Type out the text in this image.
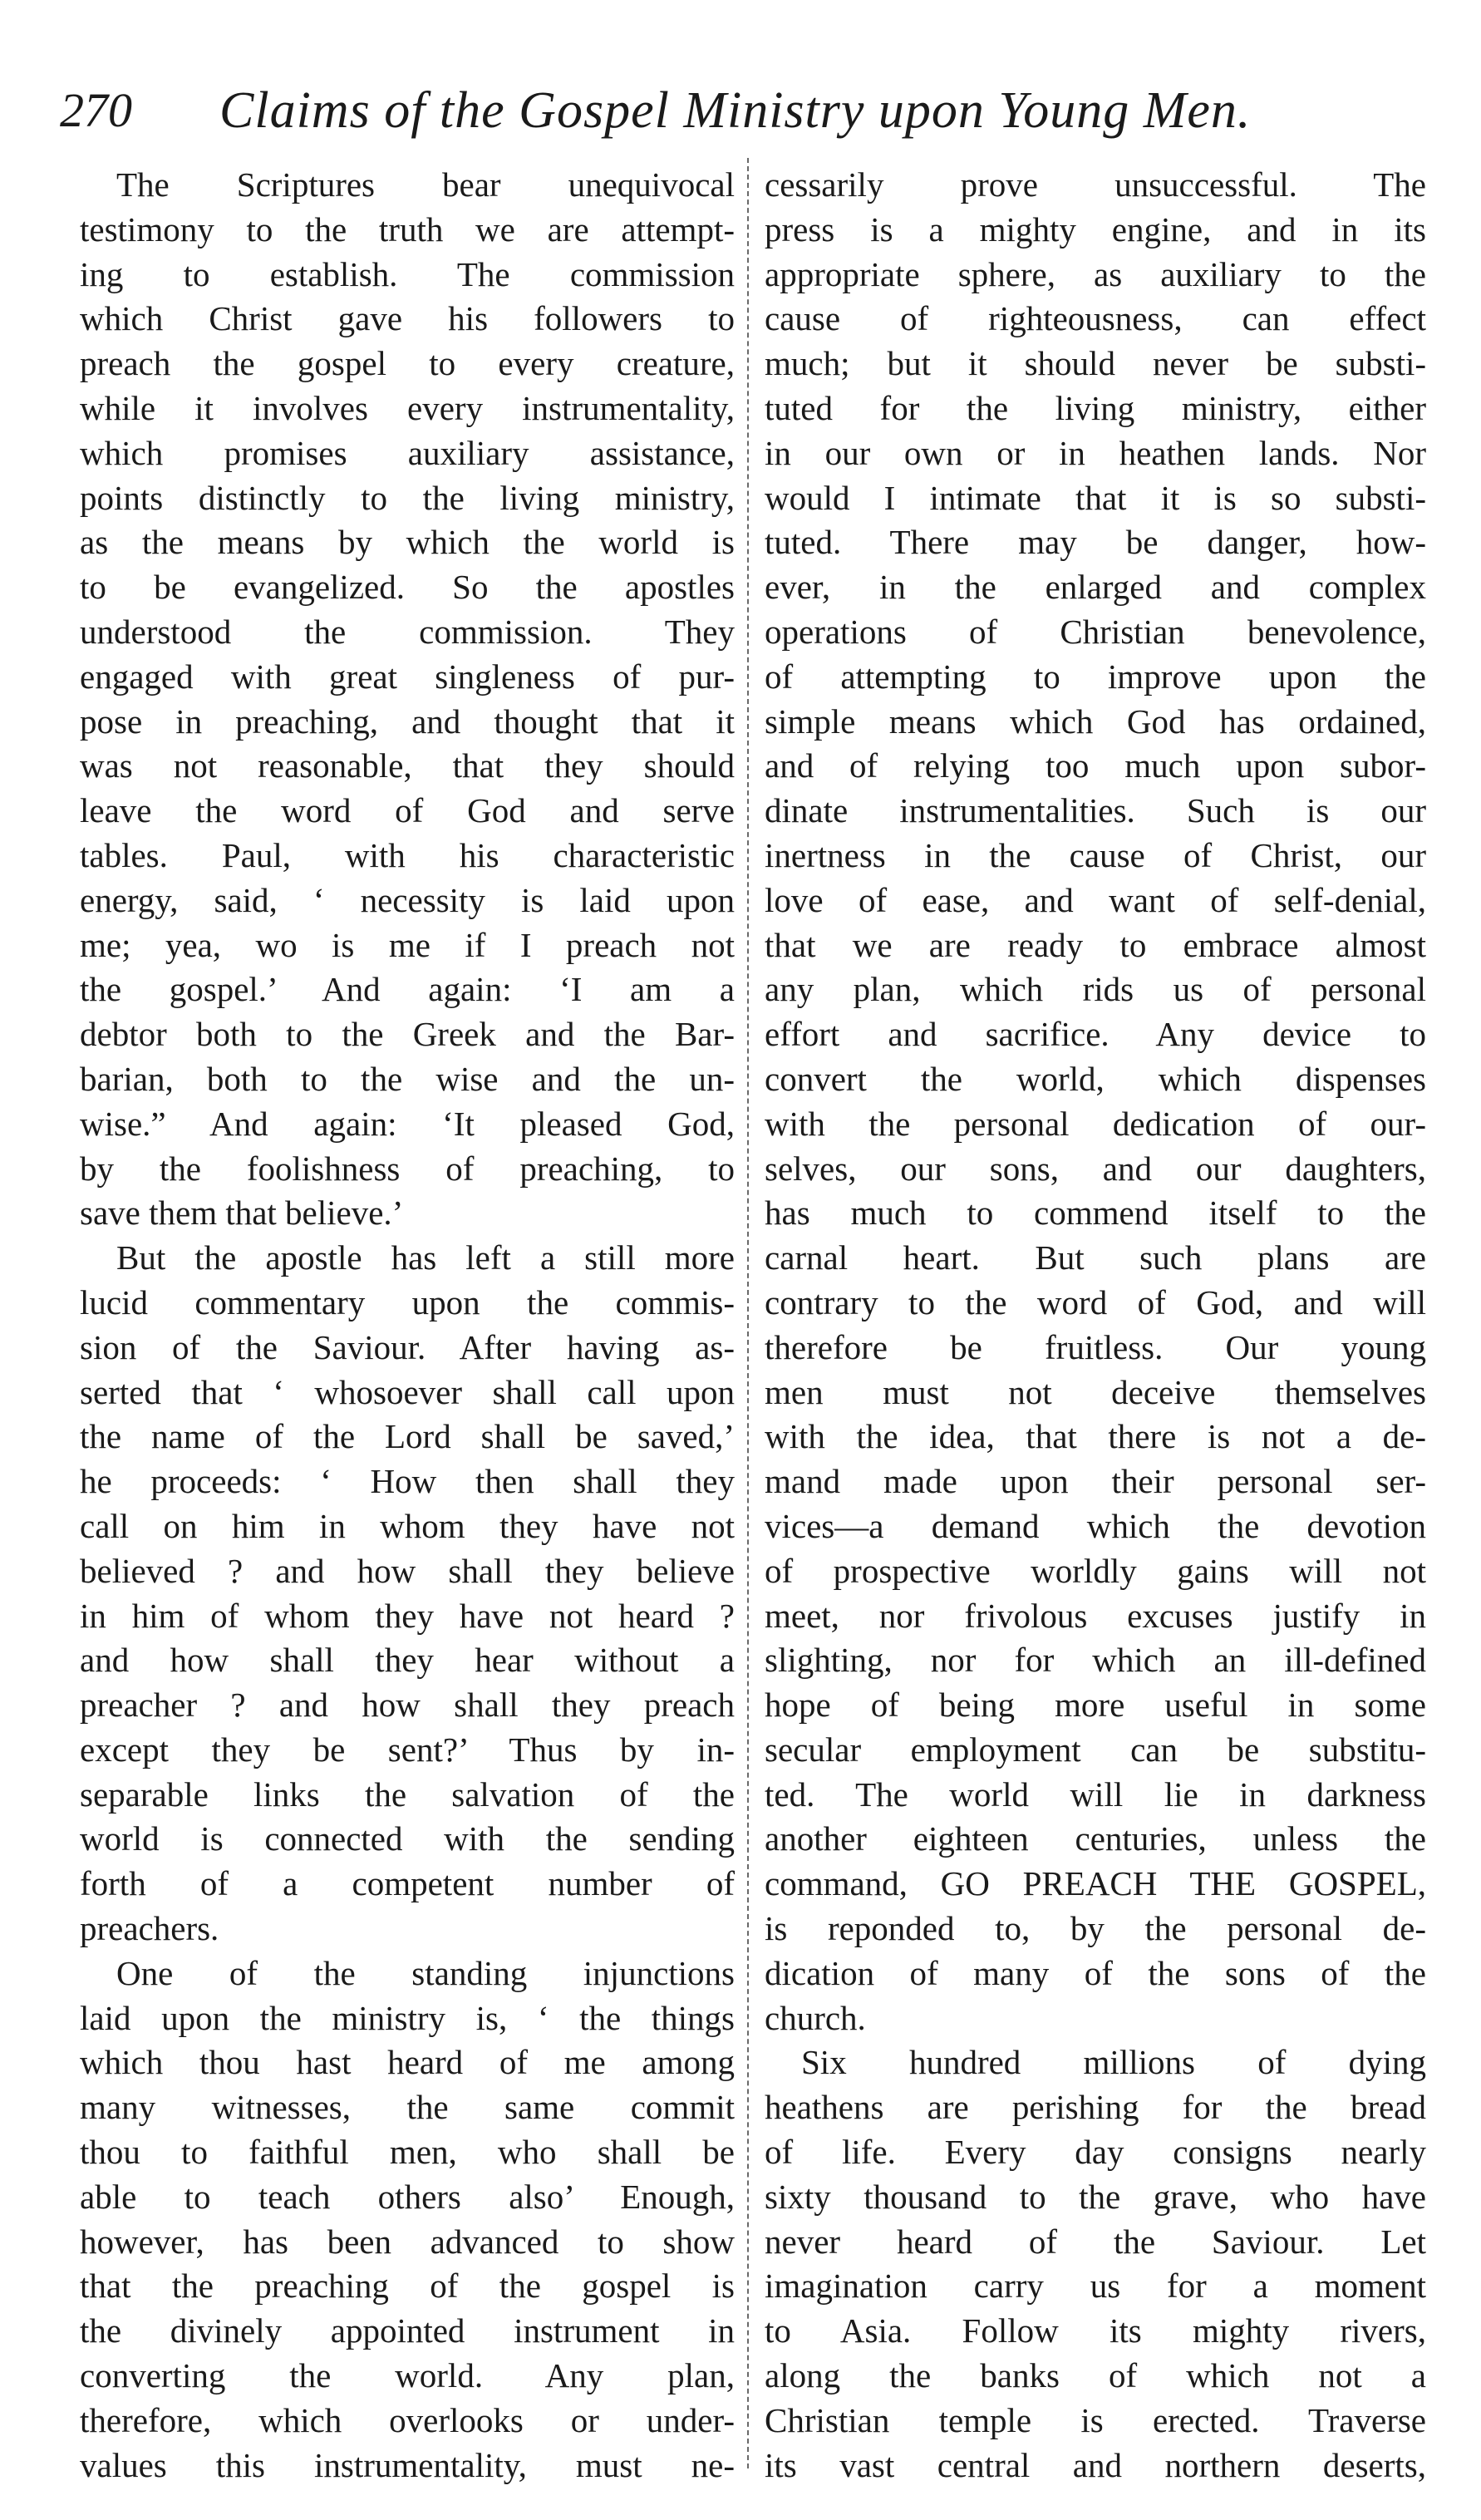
270 Claims of the Gospel Ministry upon Young Men.
The Scriptures bear unequivocal
testimony to the truth we are attempt-
ing to establish. The commission
which Christ gave his followers to
preach the gospel to every creature,
while it involves every instrumentality,
which promises auxiliary assistance,
points distinctly to the living ministry,
as the means by which the world is
to be evangelized. So the apostles
understood the commission. They
engaged with great singleness of pur-
pose in preaching, and thought that it
was not reasonable, that they should
leave the word of God and serve
tables. Paul, with his characteristic
energy, said, ‘ necessity is laid upon
me; yea, wo is me if I preach not
the gospel.’ And again: ‘I am a
debtor both to the Greek and the Bar-
barian, both to the wise and the un-
wise.” And again: ‘It pleased God,
by the foolishness of preaching, to
save them that believe.’
But the apostle has left a still more
lucid commentary upon the commis-
sion of the Saviour. After having as-
serted that ‘ whosoever shall call upon
the name of the Lord shall be saved,’
he proceeds: ‘ How then shall they
call on him in whom they have not
believed ? and how shall they believe
in him of whom they have not heard ?
and how shall they hear without a
preacher ? and how shall they preach
except they be sent?’ Thus by in-
separable links the salvation of the
world is connected with the sending
forth of a competent number of
preachers.
One of the standing injunctions
laid upon the ministry is, ‘ the things
which thou hast heard of me among
many witnesses, the same commit
thou to faithful men, who shall be
able to teach others also’ Enough,
however, has been advanced to show
that the preaching of the gospel is
the divinely appointed instrument in
converting the world. Any plan,
therefore, which overlooks or under-
values this instrumentality, must ne-
cessarily prove unsuccessful. The
press is a mighty engine, and in its
appropriate sphere, as auxiliary to the
cause of righteousness, can effect
much; but it should never be substi-
tuted for the living ministry, either
in our own or in heathen lands. Nor
would I intimate that it is so substi-
tuted. There may be danger, how-
ever, in the enlarged and complex
operations of Christian benevolence,
of attempting to improve upon the
simple means which God has ordained,
and of relying too much upon subor-
dinate instrumentalities. Such is our
inertness in the cause of Christ, our
love of ease, and want of self-denial,
that we are ready to embrace almost
any plan, which rids us of personal
effort and sacrifice. Any device to
convert the world, which dispenses
with the personal dedication of our-
selves, our sons, and our daughters,
has much to commend itself to the
carnal heart. But such plans are
contrary to the word of God, and will
therefore be fruitless. Our young
men must not deceive themselves
with the idea, that there is not a de-
mand made upon their personal ser-
vices—a demand which the devotion
of prospective worldly gains will not
meet, nor frivolous excuses justify in
slighting, nor for which an ill-defined
hope of being more useful in some
secular employment can be substitu-
ted. The world will lie in darkness
another eighteen centuries, unless the
command, GO PREACH THE GOSPEL,
is reponded to, by the personal de-
dication of many of the sons of the
church.
Six hundred millions of dying
heathens are perishing for the bread
of life. Every day consigns nearly
sixty thousand to the grave, who have
never heard of the Saviour. Let
imagination carry us for a moment
to Asia. Follow its mighty rivers,
along the banks of which not a
Christian temple is erected. Traverse
its vast central and northern deserts,
